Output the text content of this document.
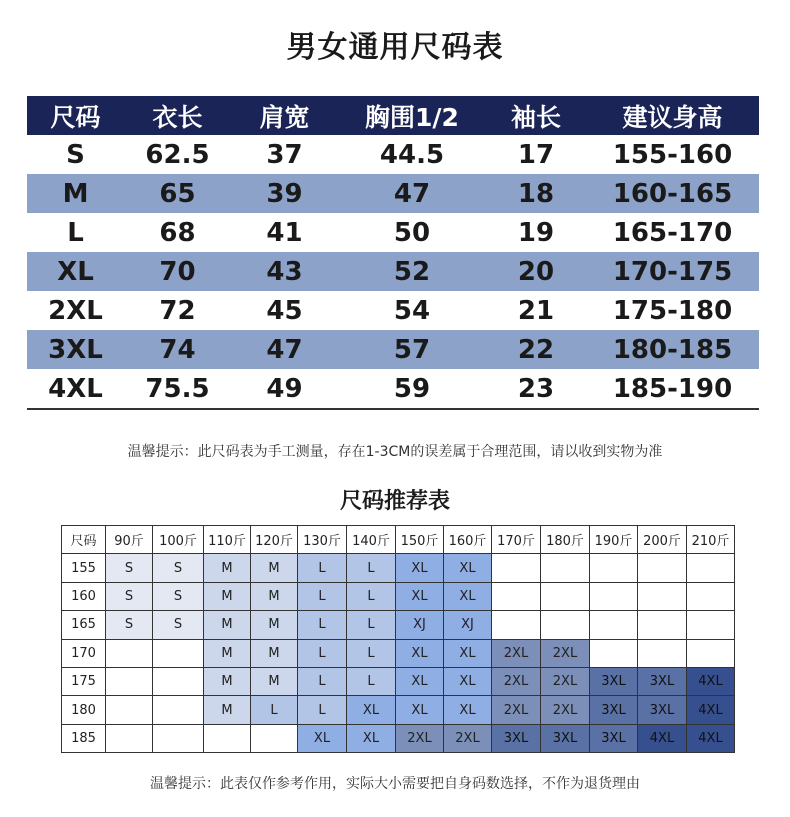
男女通用尺码表
尺码	衣长	肩宽	胸围1/2	袖长	建议身高
S	62.5	37	44.5	17	155-160
M	65	39	47	18	160-165
L	68	41	50	19	165-170
XL	70	43	52	20	170-175
2XL	72	45	54	21	175-180
3XL	74	47	57	22	180-185
4XL	75.5	49	59	23	185-190
温馨提示：此尺码表为手工测量，存在1-3CM的误差属于合理范围，请以收到实物为准
尺码推荐表
尺码	90斤	100斤	110斤	120斤	130斤	140斤	150斤	160斤	170斤	180斤	190斤	200斤	210斤
155	S	S	M	M	L	L	XL	XL					
160	S	S	M	M	L	L	XL	XL					
165	S	S	M	M	L	L	XJ	XJ					
170			M	M	L	L	XL	XL	2XL	2XL			
175			M	M	L	L	XL	XL	2XL	2XL	3XL	3XL	4XL
180			M	L	L	XL	XL	XL	2XL	2XL	3XL	3XL	4XL
185					XL	XL	2XL	2XL	3XL	3XL	3XL	4XL	4XL
温馨提示：此表仅作参考作用，实际大小需要把自身码数选择，不作为退货理由
